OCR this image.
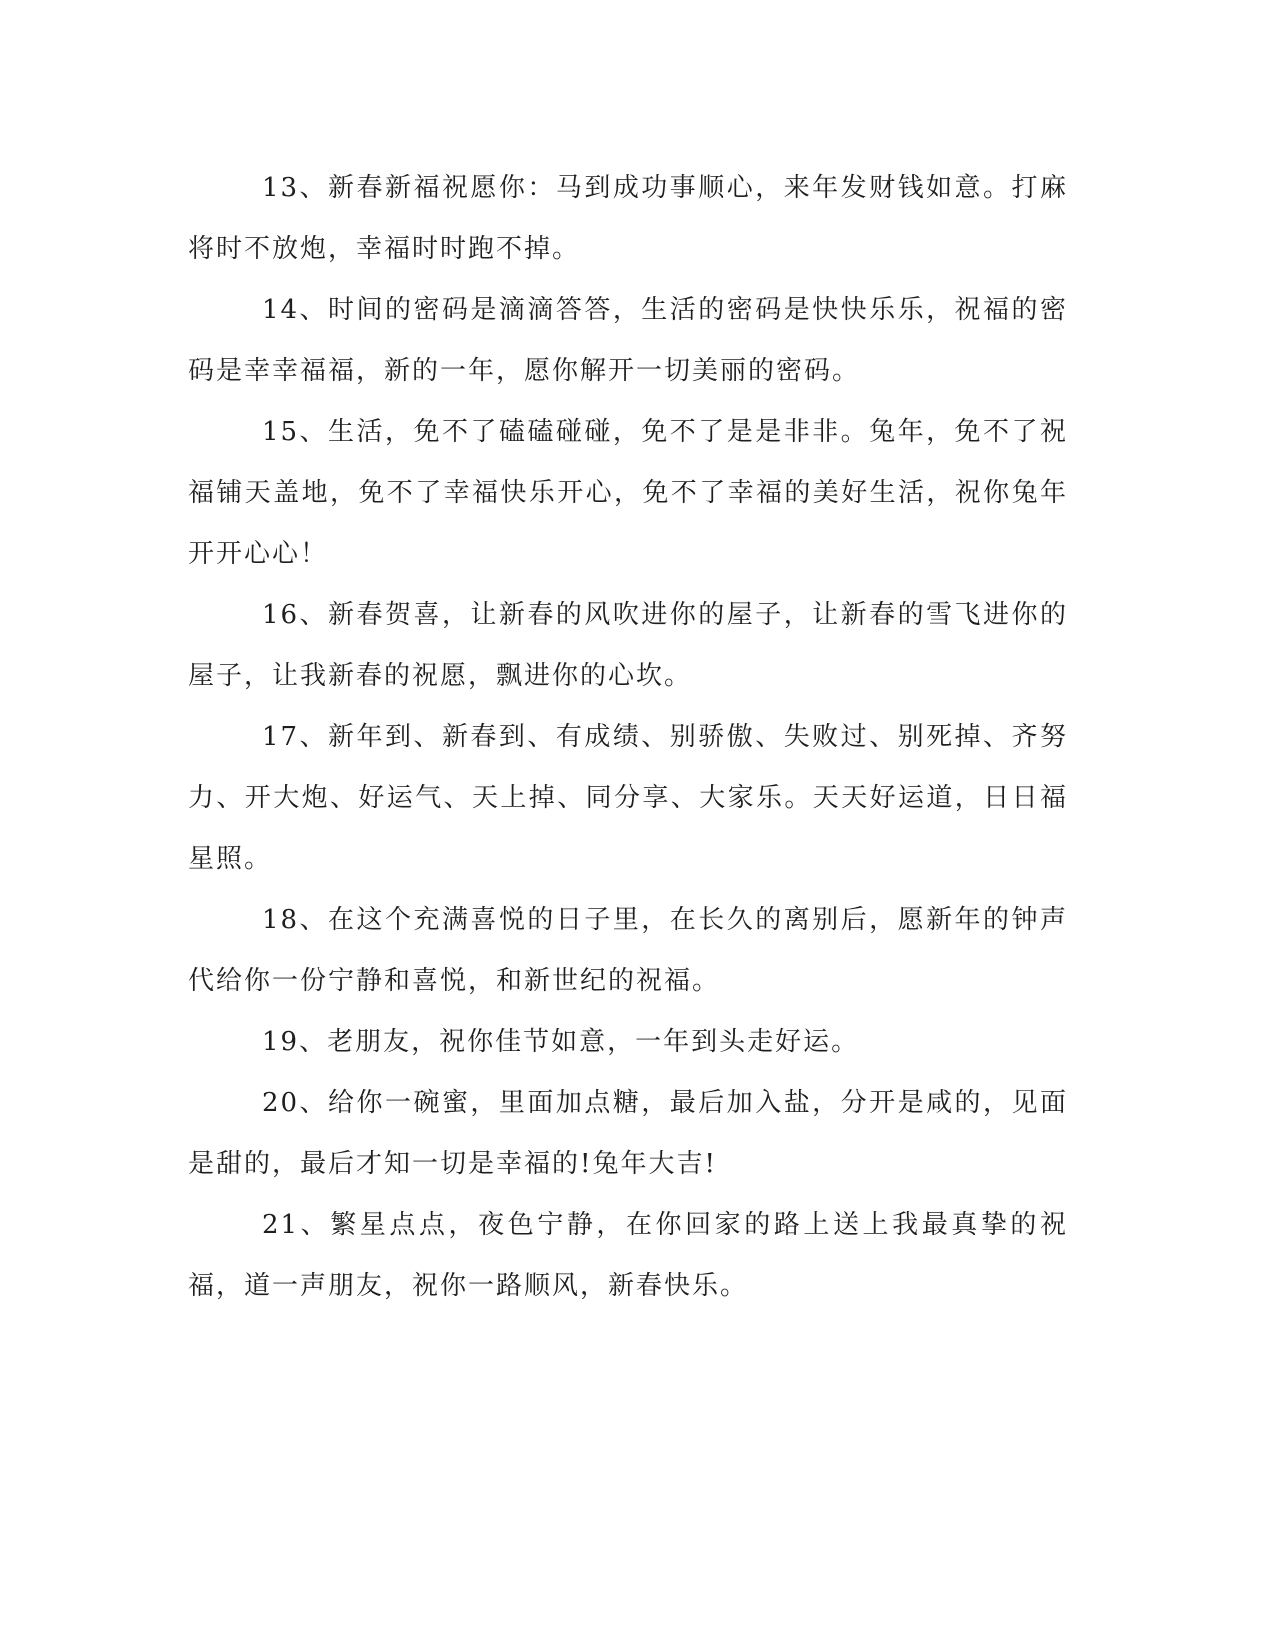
13、新春新福祝愿你：马到成功事顺心，来年发财钱如意。打麻将时不放炮，幸福时时跑不掉。

14、时间的密码是滴滴答答，生活的密码是快快乐乐，祝福的密码是幸幸福福，新的一年，愿你解开一切美丽的密码。

15、生活，免不了磕磕碰碰，免不了是是非非。兔年，免不了祝福铺天盖地，免不了幸福快乐开心，免不了幸福的美好生活，祝你兔年开开心心！

16、新春贺喜，让新春的风吹进你的屋子，让新春的雪飞进你的屋子，让我新春的祝愿，飘进你的心坎。

17、新年到、新春到、有成绩、别骄傲、失败过、别死掉、齐努力、开大炮、好运气、天上掉、同分享、大家乐。天天好运道，日日福星照。

18、在这个充满喜悦的日子里，在长久的离别后，愿新年的钟声代给你一份宁静和喜悦，和新世纪的祝福。

19、老朋友，祝你佳节如意，一年到头走好运。

20、给你一碗蜜，里面加点糖，最后加入盐，分开是咸的，见面是甜的，最后才知一切是幸福的!兔年大吉!

21、繁星点点，夜色宁静，在你回家的路上送上我最真挚的祝福，道一声朋友，祝你一路顺风，新春快乐。
